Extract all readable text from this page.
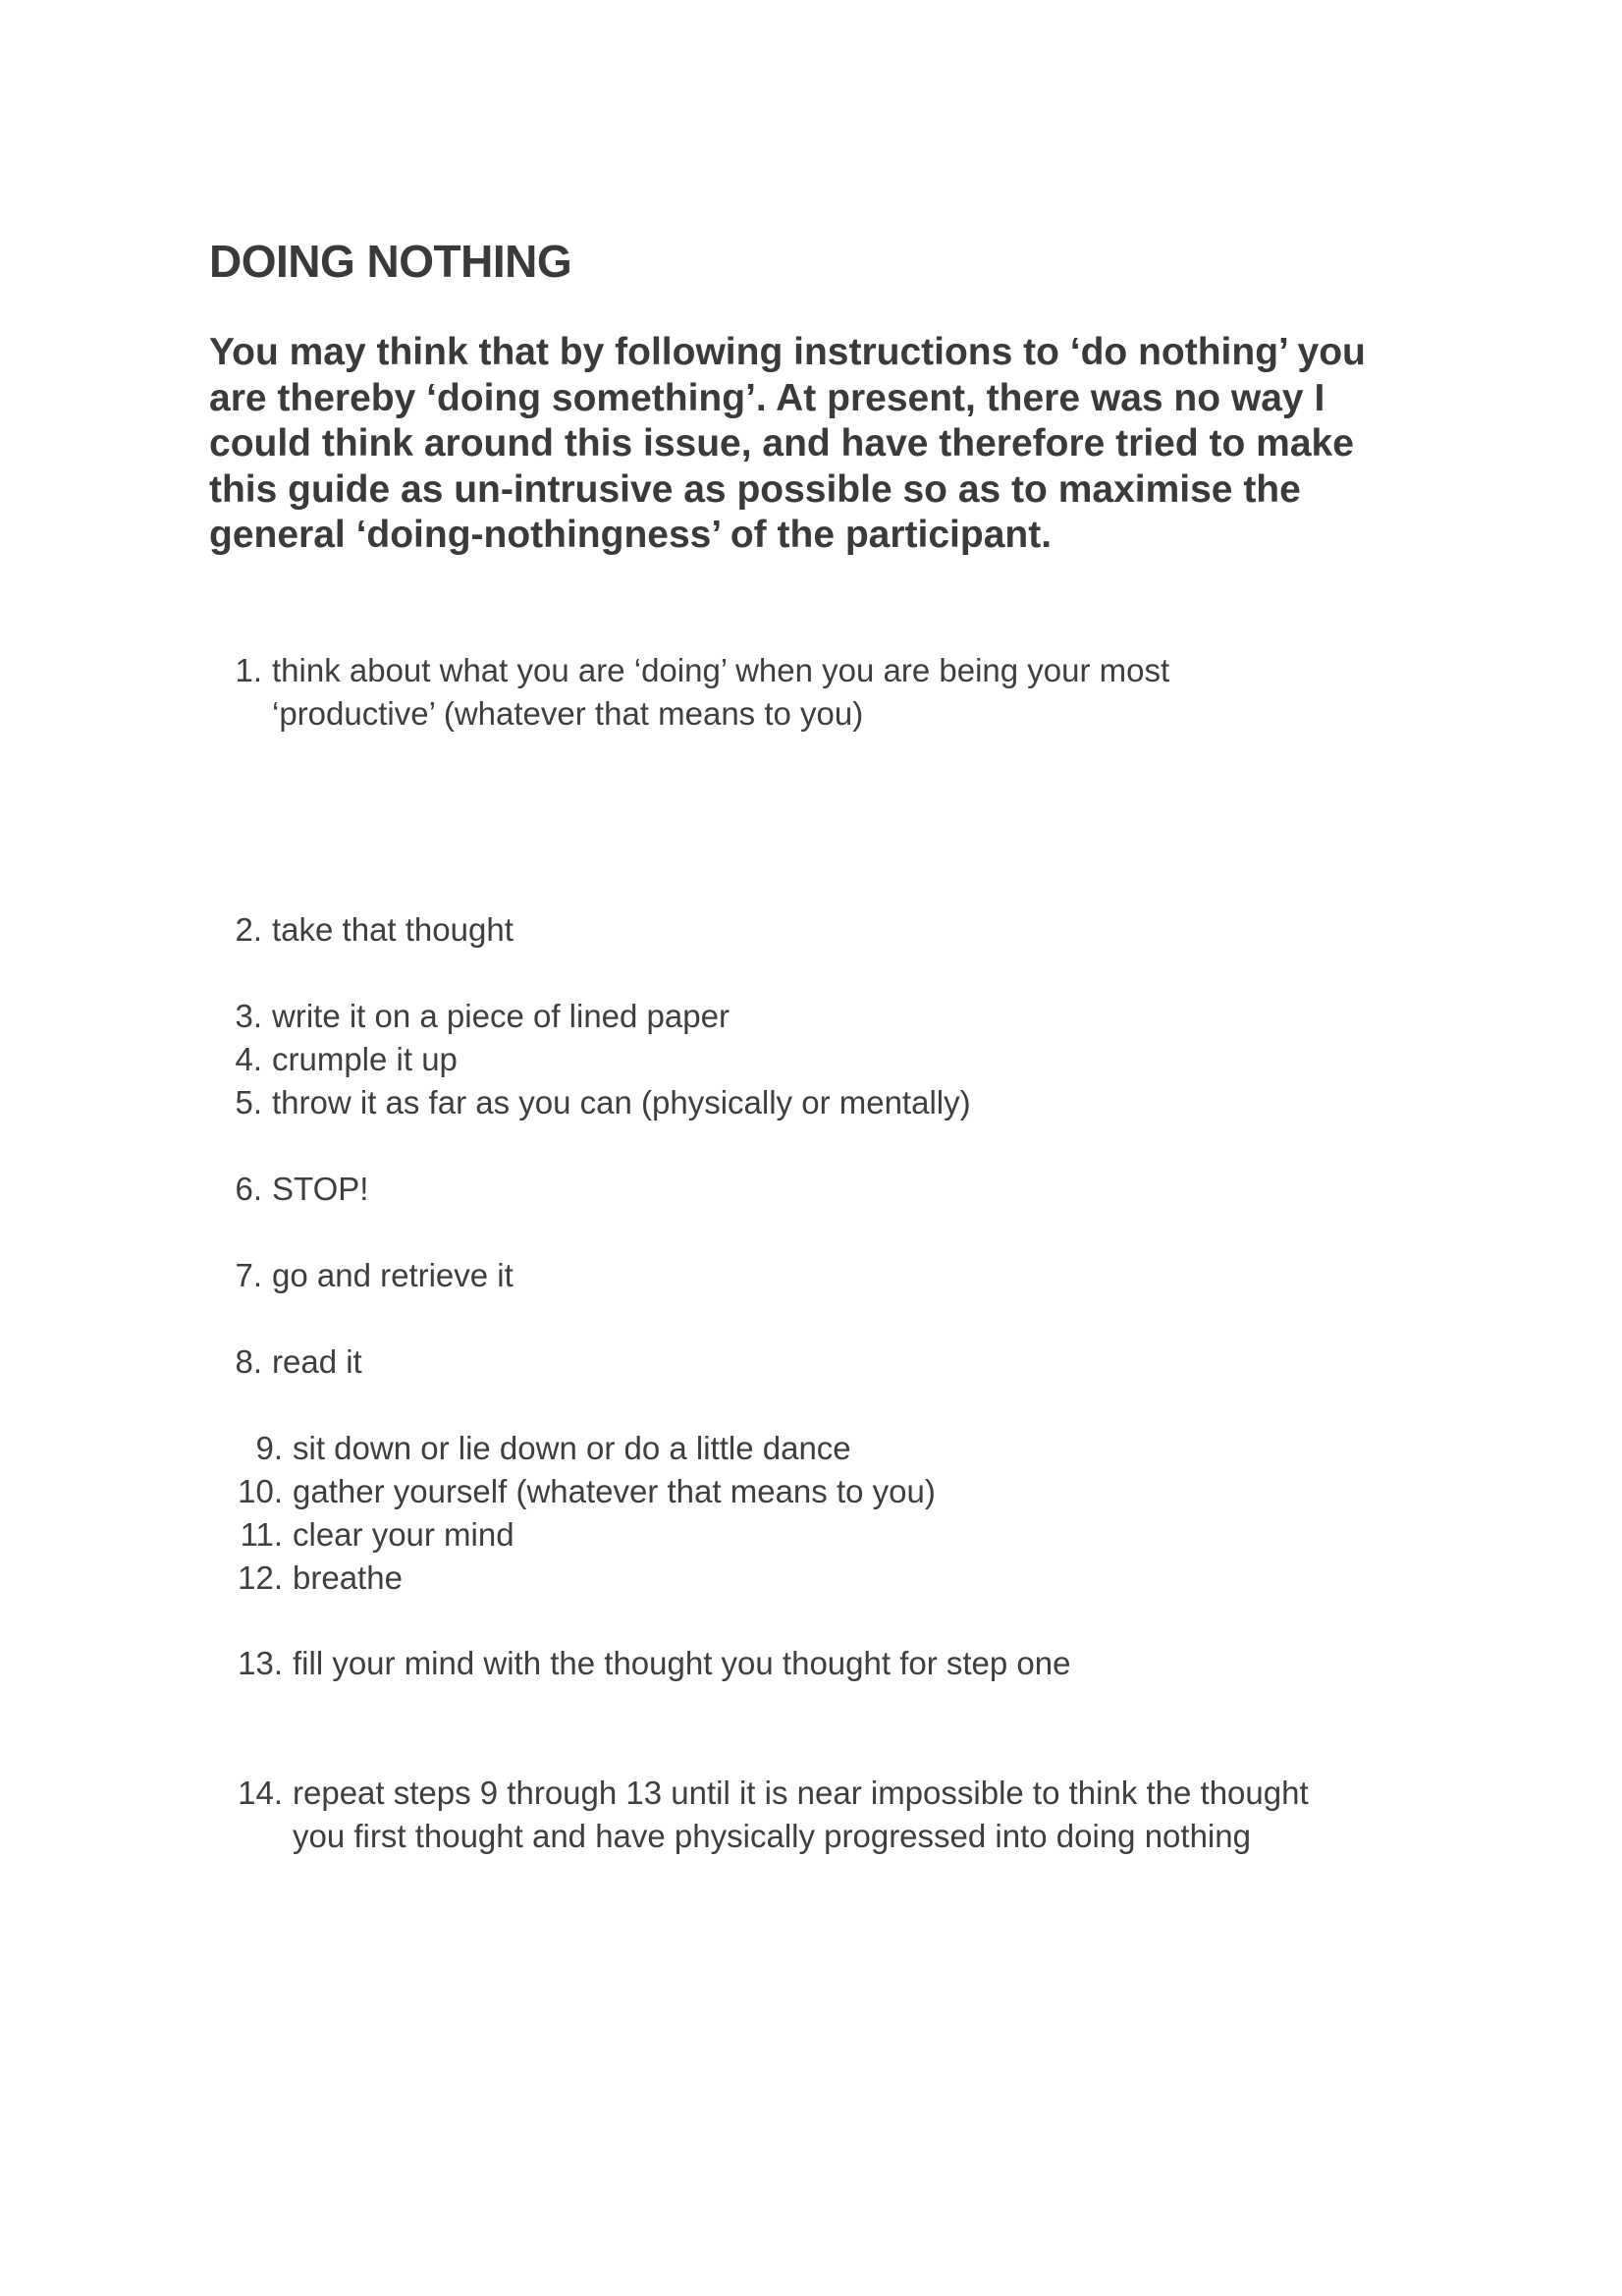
DOING NOTHING

You may think that by following instructions to ‘do nothing’ you
are thereby ‘doing something’. At present, there was no way I
could think around this issue, and have therefore tried to make
this guide as un-intrusive as possible so as to maximise the
general ‘doing-nothingness’ of the participant.

1. think about what you are ‘doing’ when you are being your most
‘productive’ (whatever that means to you)
2. take that thought
3. write it on a piece of lined paper
4. crumple it up
5. throw it as far as you can (physically or mentally)
6. STOP!
7. go and retrieve it
8. read it
9. sit down or lie down or do a little dance
10. gather yourself (whatever that means to you)
11. clear your mind
12. breathe
13. fill your mind with the thought you thought for step one
14. repeat steps 9 through 13 until it is near impossible to think the thought
you first thought and have physically progressed into doing nothing
